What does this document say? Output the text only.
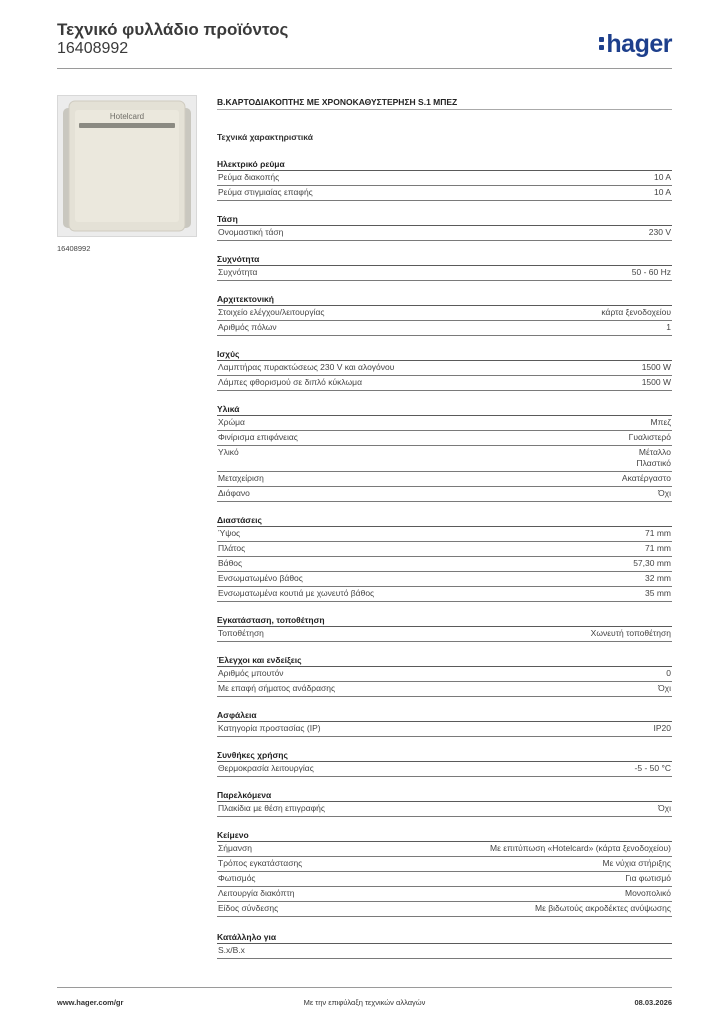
Τεχνικό φυλλάδιο προϊόντος
16408992	hager
Hotelcard
16408992
B.ΚΑΡΤΟΔΙΑΚΟΠΤΗΣ ΜΕ ΧΡΟΝΟΚΑΘΥΣΤΕΡΗΣΗ S.1 ΜΠΕΖ
Τεχνικά χαρακτηριστικά
Ηλεκτρικό ρεύμα
Ρεύμα διακοπής	10 A
Ρεύμα στιγμιαίας επαφής	10 A
Τάση
Ονομαστική τάση	230 V
Συχνότητα
Συχνότητα	50 - 60 Hz
Αρχιτεκτονική
Στοιχείο ελέγχου/λειτουργίας	κάρτα ξενοδοχείου
Αριθμός πόλων	1
Ισχύς
Λαμπτήρας πυρακτώσεως 230 V και αλογόνου	1500 W
Λάμπες φθορισμού σε διπλό κύκλωμα	1500 W
Υλικά
Χρώμα	Μπεζ
Φινίρισμα επιφάνειας	Γυαλιστερό
Υλικό	Μέταλλο
Πλαστικό
Μεταχείριση	Ακατέργαστο
Διάφανο	Όχι
Διαστάσεις
Ύψος	71 mm
Πλάτος	71 mm
Βάθος	57,30 mm
Ενσωματωμένο βάθος	32 mm
Ενσωματωμένα κουτιά με χωνευτό βάθος	35 mm
Εγκατάσταση, τοποθέτηση
Τοποθέτηση	Χωνευτή τοποθέτηση
Έλεγχοι και ενδείξεις
Αριθμός μπουτόν	0
Με επαφή σήματος ανάδρασης	Όχι
Ασφάλεια
Κατηγορία προστασίας (IP)	IP20
Συνθήκες χρήσης
Θερμοκρασία λειτουργίας	-5 - 50 °C
Παρελκόμενα
Πλακίδια με θέση επιγραφής	Όχι
Κείμενο
Σήμανση	Με επιτύπωση «Hotelcard» (κάρτα ξενοδοχείου)
Τρόπος εγκατάστασης	Με νύχια στήριξης
Φωτισμός	Για φωτισμό
Λειτουργία διακόπτη	Μονοπολικό
Είδος σύνδεσης	Με βιδωτούς ακροδέκτες ανύψωσης
Κατάλληλο για
S.x/B.x
www.hager.com/gr	Με την επιφύλαξη τεχνικών αλλαγών	08.03.2026
